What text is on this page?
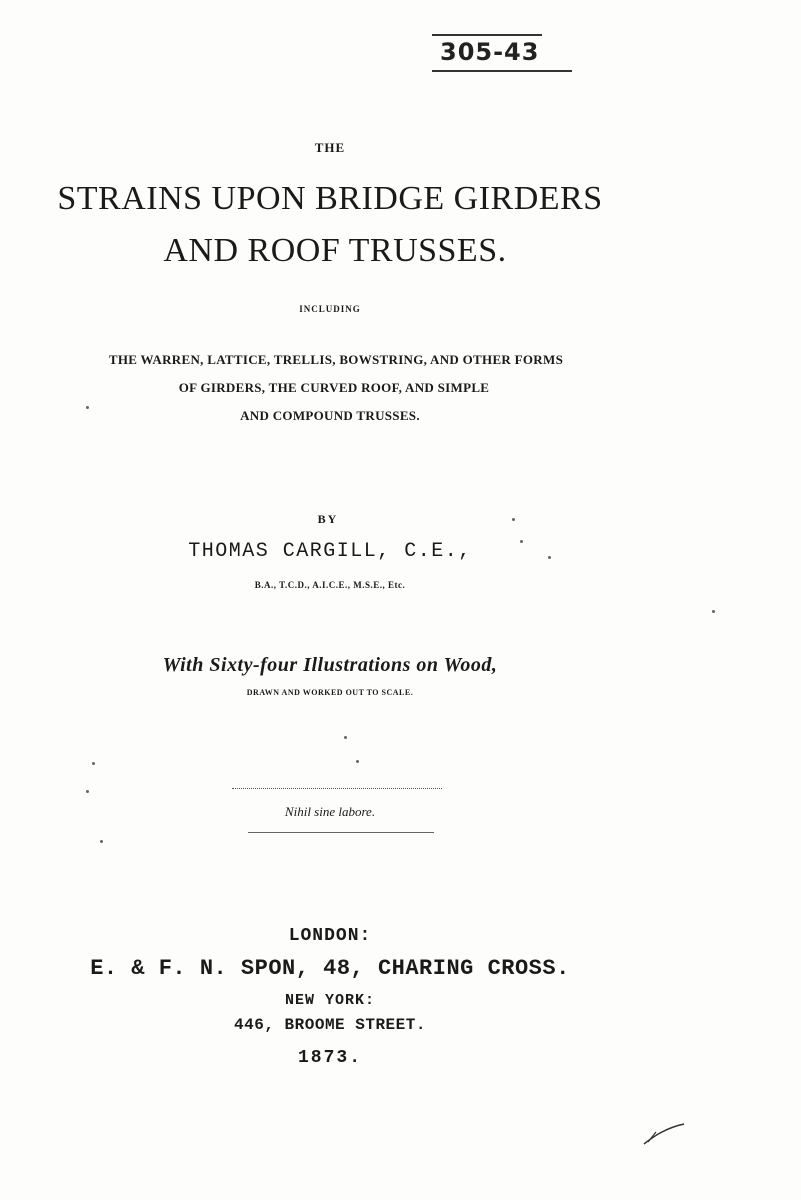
305-43
THE
STRAINS UPON BRIDGE GIRDERS
AND ROOF TRUSSES.
INCLUDING
THE WARREN, LATTICE, TRELLIS, BOWSTRING, AND OTHER FORMS
OF GIRDERS, THE CURVED ROOF, AND SIMPLE
AND COMPOUND TRUSSES.
BY
THOMAS CARGILL, C.E.,
B.A., T.C.D., A.I.C.E., M.S.E., Etc.
With Sixty-four Illustrations on Wood,
DRAWN AND WORKED OUT TO SCALE.
Nihil sine labore.
LONDON:
E. & F. N. SPON, 48, CHARING CROSS.
NEW YORK:
446, BROOME STREET.
1873.
